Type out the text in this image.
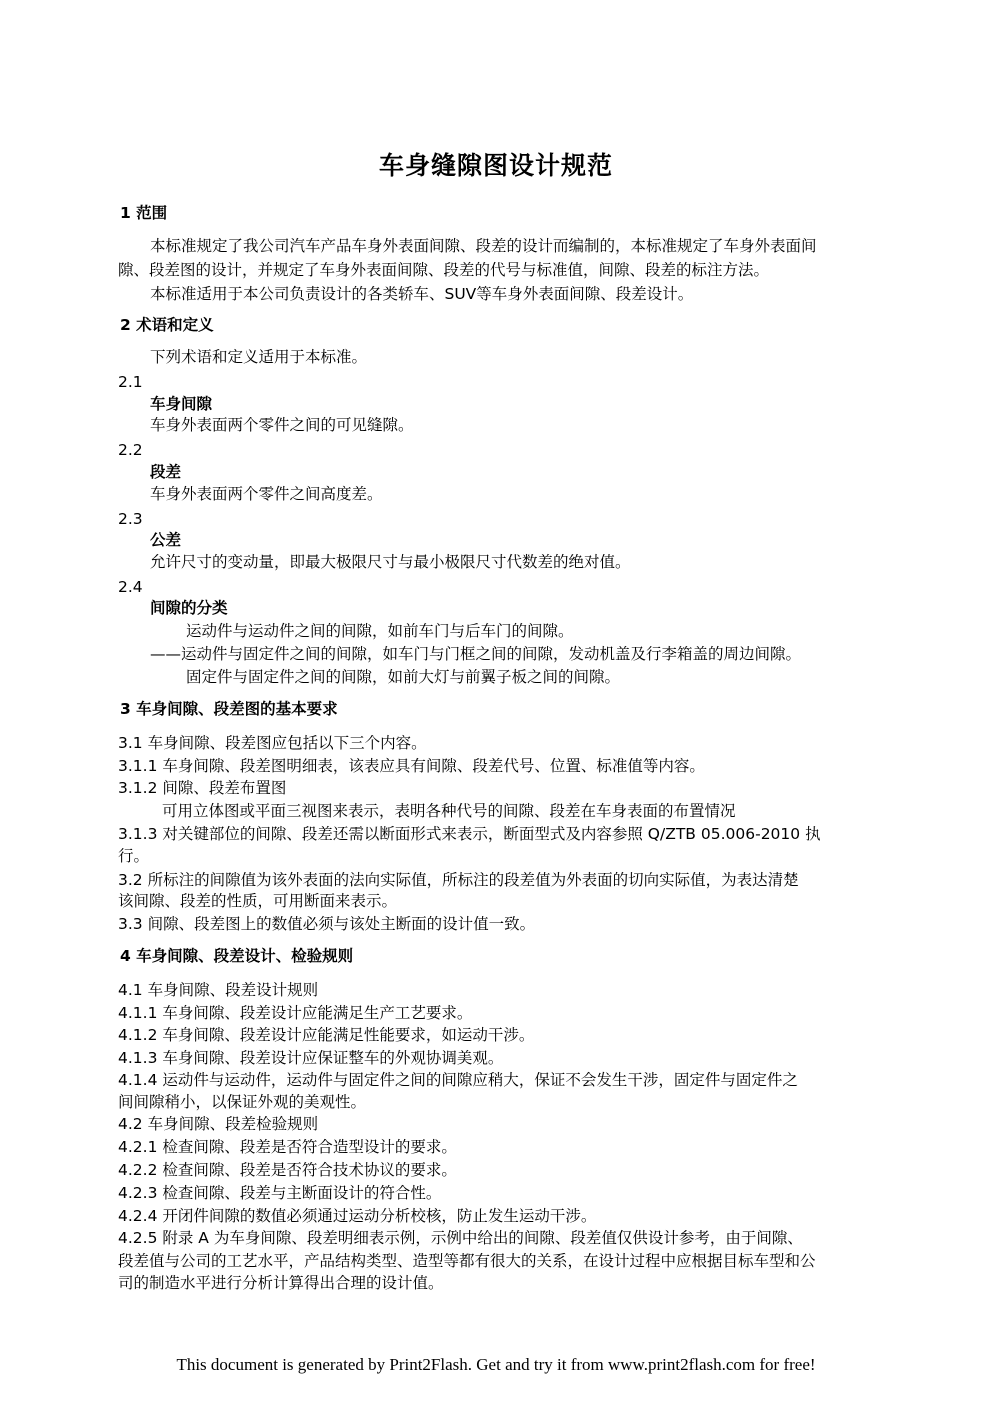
车身缝隙图设计规范
1 范围
本标准规定了我公司汽车产品车身外表面间隙、段差的设计而编制的，本标准规定了车身外表面间
隙、段差图的设计，并规定了车身外表面间隙、段差的代号与标准值，间隙、段差的标注方法。
本标准适用于本公司负责设计的各类轿车、SUV等车身外表面间隙、段差设计。
2 术语和定义
下列术语和定义适用于本标准。
2.1
车身间隙
车身外表面两个零件之间的可见缝隙。
2.2
段差
车身外表面两个零件之间高度差。
2.3
公差
允许尺寸的变动量，即最大极限尺寸与最小极限尺寸代数差的绝对值。
2.4
间隙的分类
运动件与运动件之间的间隙，如前车门与后车门的间隙。
——运动件与固定件之间的间隙，如车门与门框之间的间隙，发动机盖及行李箱盖的周边间隙。
固定件与固定件之间的间隙，如前大灯与前翼子板之间的间隙。
3 车身间隙、段差图的基本要求
3.1 车身间隙、段差图应包括以下三个内容。
3.1.1 车身间隙、段差图明细表，该表应具有间隙、段差代号、位置、标准值等内容。
3.1.2 间隙、段差布置图
可用立体图或平面三视图来表示，表明各种代号的间隙、段差在车身表面的布置情况
3.1.3 对关键部位的间隙、段差还需以断面形式来表示，断面型式及内容参照 Q/ZTB 05.006-2010 执
行。
3.2 所标注的间隙值为该外表面的法向实际值，所标注的段差值为外表面的切向实际值，为表达清楚
该间隙、段差的性质，可用断面来表示。
3.3 间隙、段差图上的数值必须与该处主断面的设计值一致。
4 车身间隙、段差设计、检验规则
4.1 车身间隙、段差设计规则
4.1.1 车身间隙、段差设计应能满足生产工艺要求。
4.1.2 车身间隙、段差设计应能满足性能要求，如运动干涉。
4.1.3 车身间隙、段差设计应保证整车的外观协调美观。
4.1.4 运动件与运动件，运动件与固定件之间的间隙应稍大，保证不会发生干涉，固定件与固定件之
间间隙稍小，以保证外观的美观性。
4.2 车身间隙、段差检验规则
4.2.1 检查间隙、段差是否符合造型设计的要求。
4.2.2 检查间隙、段差是否符合技术协议的要求。
4.2.3 检查间隙、段差与主断面设计的符合性。
4.2.4 开闭件间隙的数值必须通过运动分析校核，防止发生运动干涉。
4.2.5 附录 A 为车身间隙、段差明细表示例，示例中给出的间隙、段差值仅供设计参考，由于间隙、
段差值与公司的工艺水平，产品结构类型、造型等都有很大的关系，在设计过程中应根据目标车型和公
司的制造水平进行分析计算得出合理的设计值。
This document is generated by Print2Flash. Get and try it from www.print2flash.com for free!
